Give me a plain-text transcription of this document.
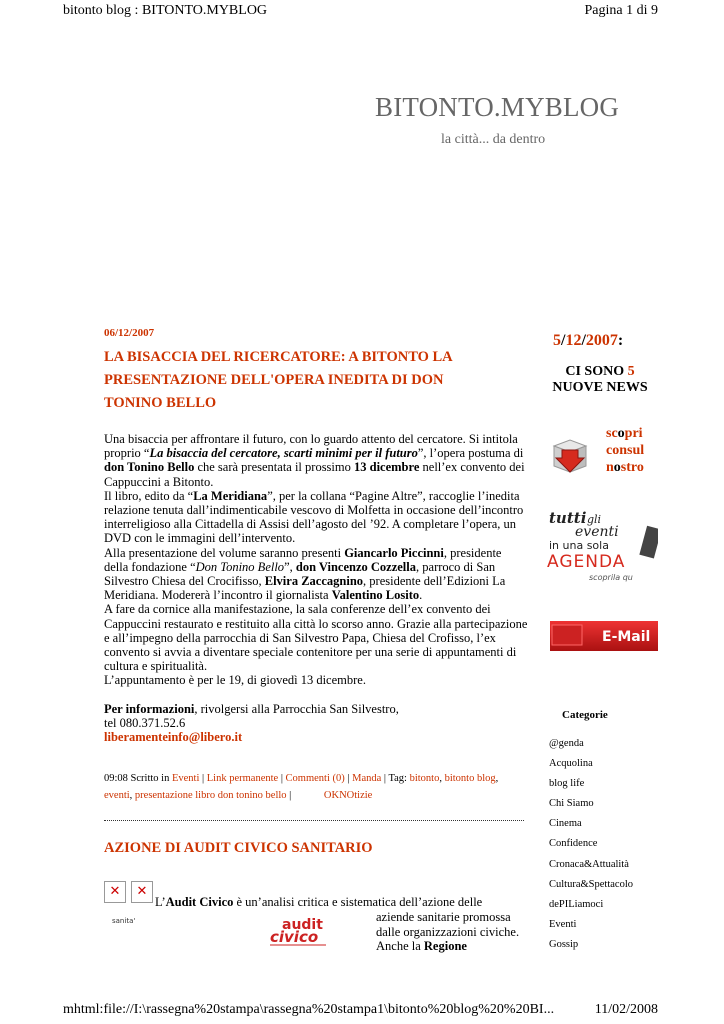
bitonto blog : BITONTO.MYBLOG	Pagina 1 di 9
BITONTO.MYBLOG
la città... da dentro
06/12/2007
LA BISACCIA DEL RICERCATORE: A BITONTO LA PRESENTAZIONE DELL'OPERA INEDITA DI DON TONINO BELLO

Una bisaccia per affrontare il futuro, con lo guardo attento del cercatore. Si intitola proprio “La bisaccia del cercatore, scarti minimi per il futuro”, l’opera postuma di don Tonino Bello che sarà presentata il prossimo 13 dicembre nell’ex convento dei Cappuccini a Bitonto.

Il libro, edito da “La Meridiana”, per la collana “Pagine Altre”, raccoglie l’inedita relazione tenuta dall’indimenticabile vescovo di Molfetta in occasione dell’incontro interreligioso alla Cittadella di Assisi dell’agosto del ’92. A completare l’opera, un DVD con le immagini dell’intervento.

Alla presentazione del volume saranno presenti Giancarlo Piccinni, presidente della fondazione “Don Tonino Bello”, don Vincenzo Cozzella, parroco di San Silvestro Chiesa del Crocifisso, Elvira Zaccagnino, presidente dell’Edizioni La Meridiana. Modererà l’incontro il giornalista Valentino Losito.

A fare da cornice alla manifestazione, la sala conferenze dell’ex convento dei Cappuccini restaurato e restituito alla città lo scorso anno. Grazie alla partecipazione e all’impegno della parrocchia di San Silvestro Papa, Chiesa del Crofisso, l’ex convento si avvia a diventare speciale contenitore per una serie di appuntamenti di cultura e spiritualità.

L’appuntamento è per le 19, di giovedì 13 dicembre.

Per informazioni, rivolgersi alla Parrocchia San Silvestro,

tel 080.371.52.6

liberamenteinfo@libero.it

09:08 Scritto in Eventi | Link permanente | Commenti (0) | Manda | Tag: bitonto, bitonto blog, eventi, presentazione libro don tonino bello |	OKNOtizie
AZIONE DI AUDIT CIVICO SANITARIO
✕	✕
sanita'	audit
civico
L’Audit Civico è un’analisi critica e sistematica dell’azione delle
aziende sanitarie promossa dalle organizzazioni civiche. Anche la Regione
5/12/2007:
CI SONO 5
NUOVE NEWS
scopri
consul
nostro
tutti gli
eventi
in una sola
AGENDA
scoprila qu
E-Mail
Categorie
@genda
Acquolina
blog life
Chi Siamo
Cinema
Confidence
Cronaca&Attualità
Cultura&Spettacolo
dePILiamoci
Eventi
Gossip
mhtml:file://I:\rassegna%20stampa\rassegna%20stampa1\bitonto%20blog%20%20BI...	11/02/2008
